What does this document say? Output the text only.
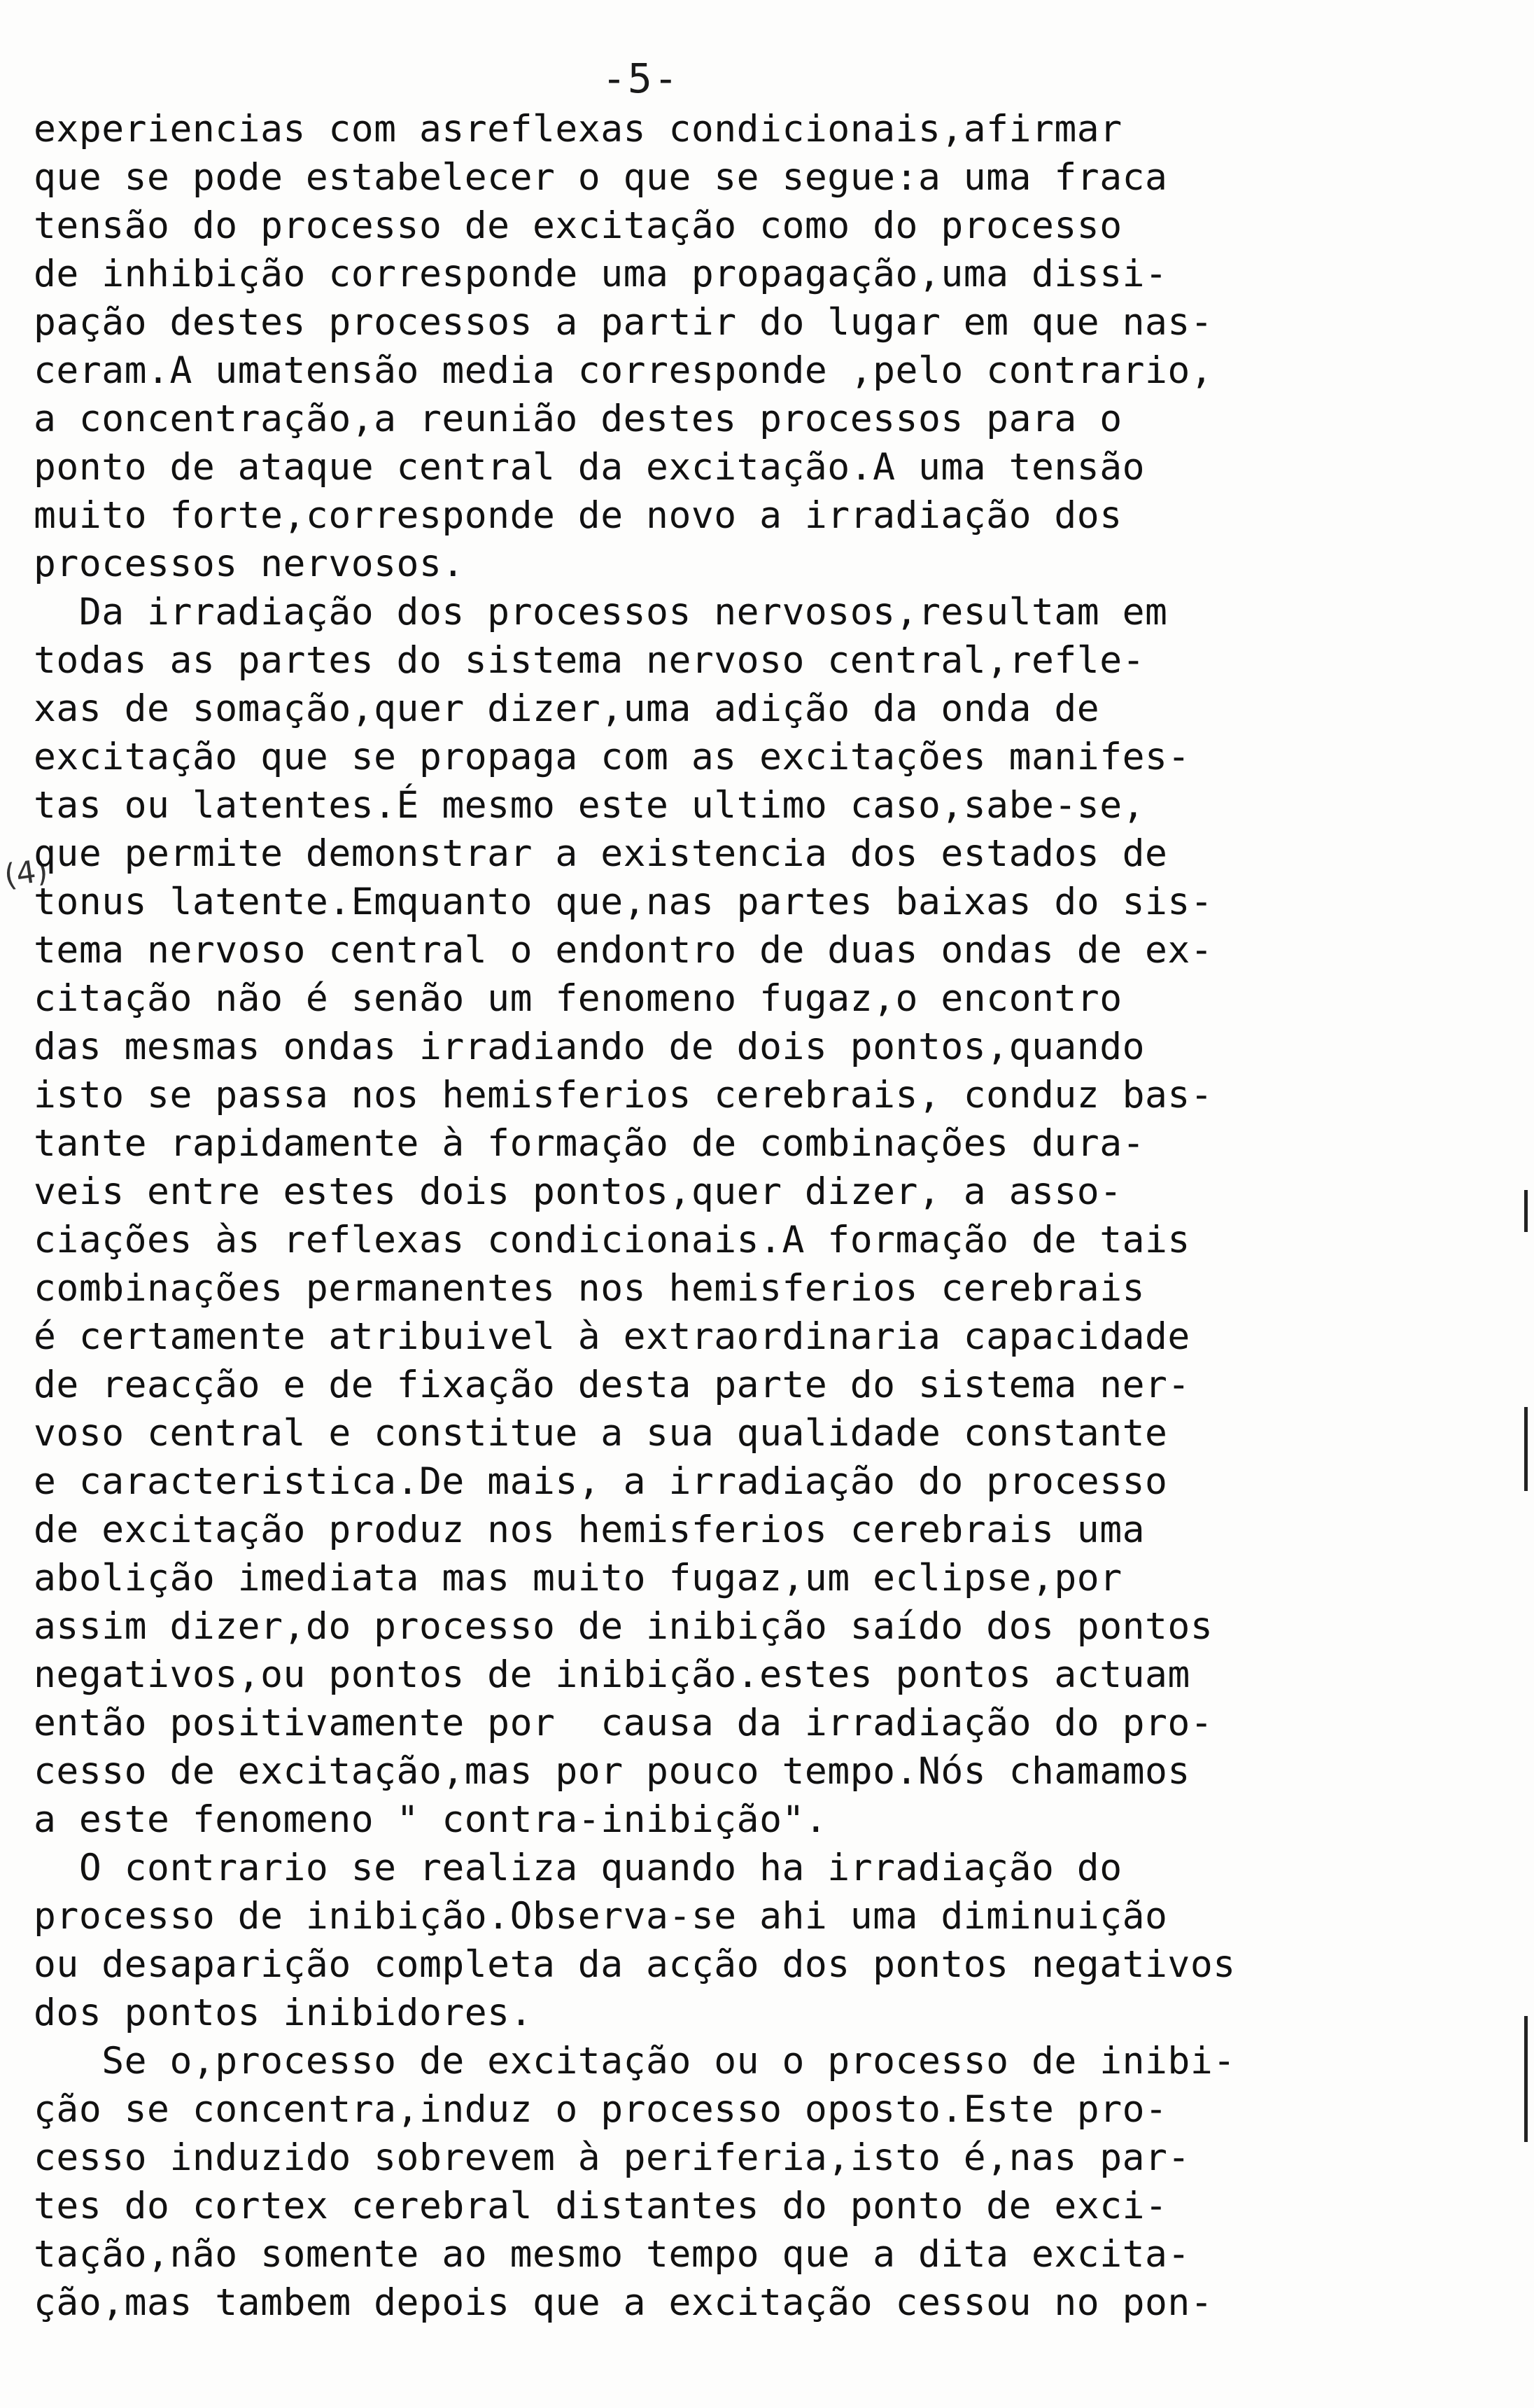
-5-
(4)
experiencias com asreflexas condicionais,afirmar
que se pode estabelecer o que se segue:a uma fraca
tensão do processo de excitação como do processo
de inhibição corresponde uma propagação,uma dissi-
pação destes processos a partir do lugar em que nas-
ceram.A umatensão media corresponde ,pelo contrario,
a concentração,a reunião destes processos para o
ponto de ataque central da excitação.A uma tensão
muito forte,corresponde de novo a irradiação dos
processos nervosos.
Da irradiação dos processos nervosos,resultam em
todas as partes do sistema nervoso central,refle-
xas de somação,quer dizer,uma adição da onda de
excitação que se propaga com as excitações manifes-
tas ou latentes.É mesmo este ultimo caso,sabe-se,
que permite demonstrar a existencia dos estados de
tonus latente.Emquanto que,nas partes baixas do sis-
tema nervoso central o endontro de duas ondas de ex-
citação não é senão um fenomeno fugaz,o encontro
das mesmas ondas irradiando de dois pontos,quando
isto se passa nos hemisferios cerebrais, conduz bas-
tante rapidamente à formação de combinações dura-
veis entre estes dois pontos,quer dizer, a asso-
ciações às reflexas condicionais.A formação de tais
combinações permanentes nos hemisferios cerebrais
é certamente atribuivel à extraordinaria capacidade
de reacção e de fixação desta parte do sistema ner-
voso central e constitue a sua qualidade constante
e caracteristica.De mais, a irradiação do processo
de excitação produz nos hemisferios cerebrais uma
abolição imediata mas muito fugaz,um eclipse,por
assim dizer,do processo de inibição saído dos pontos
negativos,ou pontos de inibição.estes pontos actuam
então positivamente por  causa da irradiação do pro-
cesso de excitação,mas por pouco tempo.Nós chamamos
a este fenomeno " contra-inibição".
O contrario se realiza quando ha irradiação do
processo de inibição.Observa-se ahi uma diminuição
ou desaparição completa da acção dos pontos negativos
dos pontos inibidores.
Se o,processo de excitação ou o processo de inibi-
ção se concentra,induz o processo oposto.Este pro-
cesso induzido sobrevem à periferia,isto é,nas par-
tes do cortex cerebral distantes do ponto de exci-
tação,não somente ao mesmo tempo que a dita excita-
ção,mas tambem depois que a excitação cessou no pon-
